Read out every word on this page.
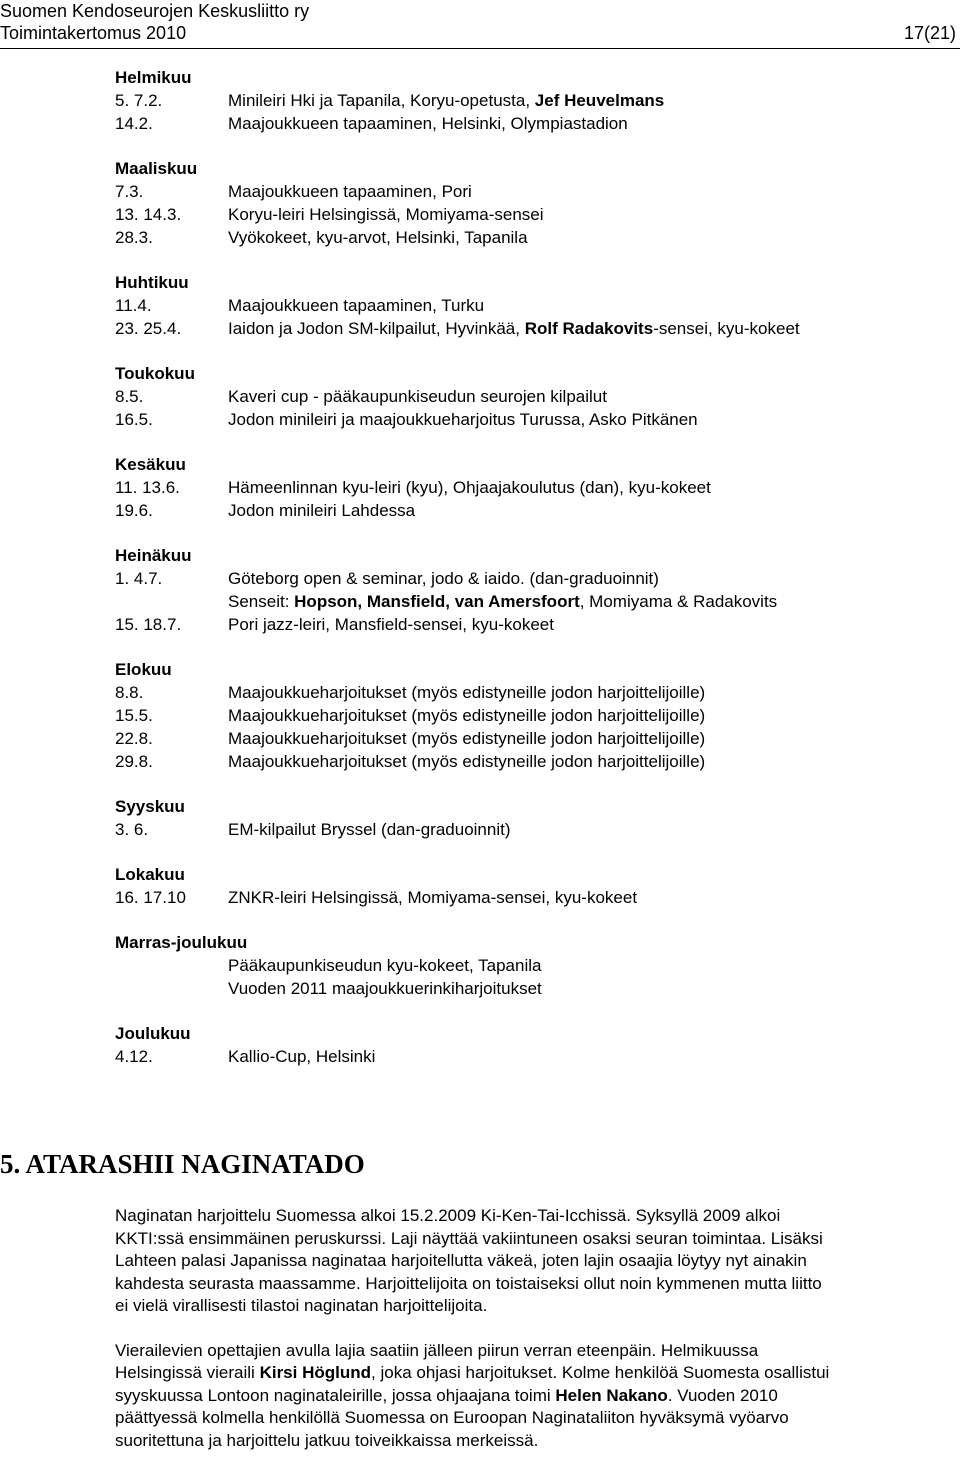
Suomen Kendoseurojen Keskusliitto ry
Toimintakertomus 2010	17(21)
Helmikuu
5. 7.2.	Minileiri Hki ja Tapanila, Koryu-opetusta, Jef Heuvelmans
14.2.	Maajoukkueen tapaaminen, Helsinki, Olympiastadion
Maaliskuu
7.3.	Maajoukkueen tapaaminen, Pori
13. 14.3.	Koryu-leiri Helsingissä, Momiyama-sensei
28.3.	Vyökokeet, kyu-arvot, Helsinki, Tapanila
Huhtikuu
11.4.	Maajoukkueen tapaaminen, Turku
23. 25.4.	Iaidon ja Jodon SM-kilpailut, Hyvinkää, Rolf Radakovits-sensei, kyu-kokeet
Toukokuu
8.5.	Kaveri cup - pääkaupunkiseudun seurojen kilpailut
16.5.	Jodon minileiri ja maajoukkueharjoitus Turussa, Asko Pitkänen
Kesäkuu
11. 13.6.	Hämeenlinnan kyu-leiri (kyu), Ohjaajakoulutus (dan), kyu-kokeet
19.6.	Jodon minileiri Lahdessa
Heinäkuu
1. 4.7.	Göteborg open & seminar, jodo & iaido. (dan-graduoinnit)
Senseit: Hopson, Mansfield, van Amersfoort, Momiyama & Radakovits
15. 18.7.	Pori jazz-leiri, Mansfield-sensei, kyu-kokeet
Elokuu
8.8.	Maajoukkueharjoitukset (myös edistyneille jodon harjoittelijoille)
15.5.	Maajoukkueharjoitukset (myös edistyneille jodon harjoittelijoille)
22.8.	Maajoukkueharjoitukset (myös edistyneille jodon harjoittelijoille)
29.8.	Maajoukkueharjoitukset (myös edistyneille jodon harjoittelijoille)
Syyskuu
3. 6.	EM-kilpailut Bryssel (dan-graduoinnit)
Lokakuu
16. 17.10	ZNKR-leiri Helsingissä, Momiyama-sensei, kyu-kokeet
Marras-joulukuu
Pääkaupunkiseudun kyu-kokeet, Tapanila
Vuoden 2011 maajoukkuerinkiharjoitukset
Joulukuu
4.12.	Kallio-Cup, Helsinki
5. ATARASHII NAGINATADO
Naginatan harjoittelu Suomessa alkoi 15.2.2009 Ki-Ken-Tai-Icchissä. Syksyllä 2009 alkoi
KKTI:ssä ensimmäinen peruskurssi. Laji näyttää vakiintuneen osaksi seuran toimintaa. Lisäksi
Lahteen palasi Japanissa naginataa harjoitellutta väkeä, joten lajin osaajia löytyy nyt ainakin
kahdesta seurasta maassamme. Harjoittelijoita on toistaiseksi ollut noin kymmenen mutta liitto
ei vielä virallisesti tilastoi naginatan harjoittelijoita.
Vierailevien opettajien avulla lajia saatiin jälleen piirun verran eteenpäin. Helmikuussa
Helsingissä vieraili Kirsi Höglund, joka ohjasi harjoitukset. Kolme henkilöä Suomesta osallistui
syyskuussa Lontoon naginataleirille, jossa ohjaajana toimi Helen Nakano. Vuoden 2010
päättyessä kolmella henkilöllä Suomessa on Euroopan Naginataliiton hyväksymä vyöarvo
suoritettuna ja harjoittelu jatkuu toiveikkaissa merkeissä.
